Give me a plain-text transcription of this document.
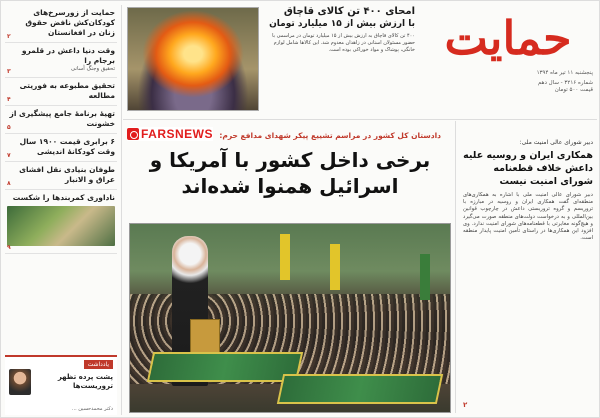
حمایت از زورسرخ‌های کودکان‌کش نافض حقوق زنان در افغانستان
۲
وقت دنيا داعش در قلمرو برجام را
تحقیق وجنگ آسانی
۳
تحقیق مطبوعه به فوریتی مطالعه
۴
تهیهٔ برنامهٔ جامع پیشگیری از خشونت
۵
۶ برابری قیمت ۱۹۰۰ سال وقت کودکانهٔ اندیشی
۷
طوفان بنیادی نقل افشای عراق و الانبار
۸
ناداوری کمربندها را شکست
۹
یادداشت
پشت پرده تظهر تروریست‌ها
دکتر محمدحسین ...
امحای ۴۰۰ تن کالای قاچاق
با ارزش بیش از ۱۵ میلیارد تومان
۴۰۰ تن کالای قاچاق به ارزش بیش از ۱۵ میلیارد تومان در مراسمی با حضور مسئولان استانی در زاهدان معدوم شد. این کالاها شامل لوازم خانگی، پوشاک و مواد خوراکی بوده است. حمایت
پنجشنبه ۱۱ تیر ماه ۱۳۹۴
شماره ۳۲۱۶ - سال دهم
قیمت ۵۰۰ تومان
FARSNEWS دادستان کل کشور در مراسم تشییع پیکر شهدای مدافع حرم:
برخی داخل کشور با آمریکا و اسرائیل همنوا شده‌اند
دبیر شورای عالی امنیت ملی:
همکاری ایران و روسیه علیه داعش خلاف قطعنامه شورای امنیت نیست
دبیر شورای عالی امنیت ملی با اشاره به همکاری‌های منطقه‌ای گفت همکاری ایران و روسیه در مبارزه با تروریسم و گروه تروریستی داعش در چارچوب قوانین بین‌المللی و به درخواست دولت‌های منطقه صورت می‌گیرد و هیچ‌گونه مغایرتی با قطعنامه‌های شورای امنیت ندارد. وی افزود این همکاری‌ها در راستای تأمین امنیت پایدار منطقه است.
۲
